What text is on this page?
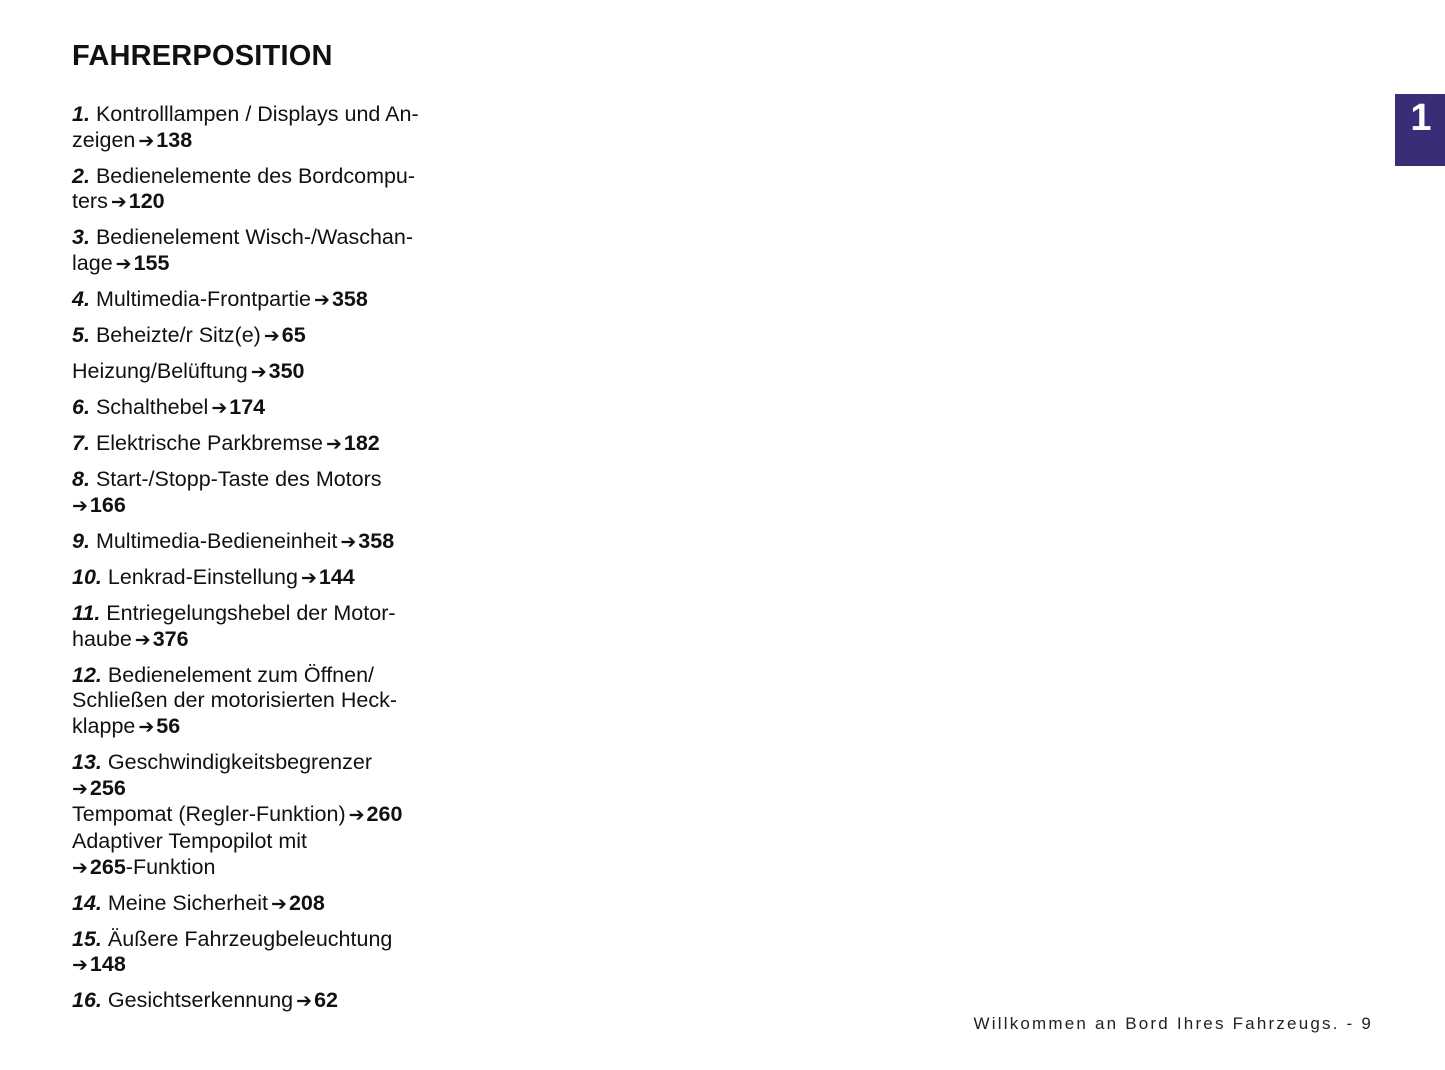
FAHRERPOSITION
1
1. Kontrolllampen / Displays und An-
zeigen ➔138
2. Bedienelemente des Bordcompu-
ters ➔120
3. Bedienelement Wisch-/Waschan-
lage ➔155
4. Multimedia-Frontpartie ➔358
5. Beheizte/r Sitz(e) ➔65
Heizung/Belüftung ➔350
6. Schalthebel ➔174
7. Elektrische Parkbremse ➔182
8. Start-/Stopp-Taste des Motors
➔166
9. Multimedia-Bedieneinheit ➔358
10. Lenkrad-Einstellung ➔144
11. Entriegelungshebel der Motor-
haube ➔376
12. Bedienelement zum Öffnen/
Schließen der motorisierten Heck-
klappe ➔56
13. Geschwindigkeitsbegrenzer
➔256
Tempomat (Regler-Funktion) ➔260
Adaptiver Tempopilot mit
➔265-Funktion
14. Meine Sicherheit ➔208
15. Äußere Fahrzeugbeleuchtung
➔148
16. Gesichtserkennung ➔62
Willkommen an Bord Ihres Fahrzeugs. - 9
